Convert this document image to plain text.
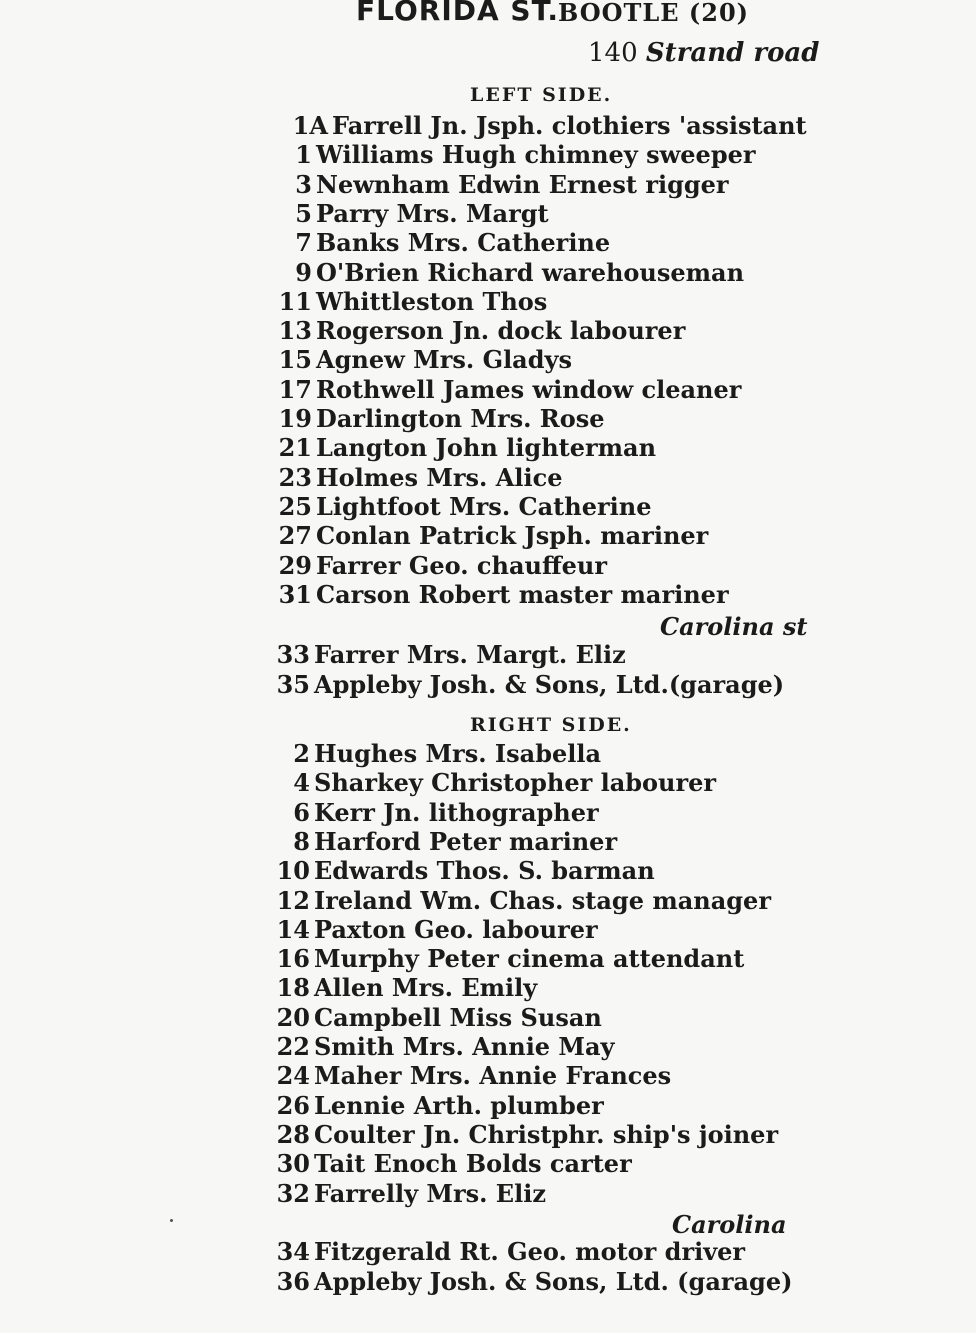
FLORIDA ST.
BOOTLE (20)
140 Strand road
LEFT SIDE.
1A Farrell Jn. Jsph. clothiers 'assistant
1 Williams Hugh chimney sweeper
3 Newnham Edwin Ernest rigger
5 Parry Mrs. Margt
7 Banks Mrs. Catherine
9 O'Brien Richard warehouseman
11 Whittleston Thos
13 Rogerson Jn. dock labourer
15 Agnew Mrs. Gladys
17 Rothwell James window cleaner
19 Darlington Mrs. Rose
21 Langton John lighterman
23 Holmes Mrs. Alice
25 Lightfoot Mrs. Catherine
27 Conlan Patrick Jsph. mariner
29 Farrer Geo. chauffeur
31 Carson Robert master mariner
Carolina st
33 Farrer Mrs. Margt. Eliz
35 Appleby Josh. & Sons, Ltd.(garage)
RIGHT SIDE.
2 Hughes Mrs. Isabella
4 Sharkey Christopher labourer
6 Kerr Jn. lithographer
8 Harford Peter mariner
10 Edwards Thos. S. barman
12 Ireland Wm. Chas. stage manager
14 Paxton Geo. labourer
16 Murphy Peter cinema attendant
18 Allen Mrs. Emily
20 Campbell Miss Susan
22 Smith Mrs. Annie May
24 Maher Mrs. Annie Frances
26 Lennie Arth. plumber
28 Coulter Jn. Christphr. ship's joiner
30 Tait Enoch Bolds carter
32 Farrelly Mrs. Eliz
Carolina
34 Fitzgerald Rt. Geo. motor driver
36 Appleby Josh. & Sons, Ltd. (garage)
